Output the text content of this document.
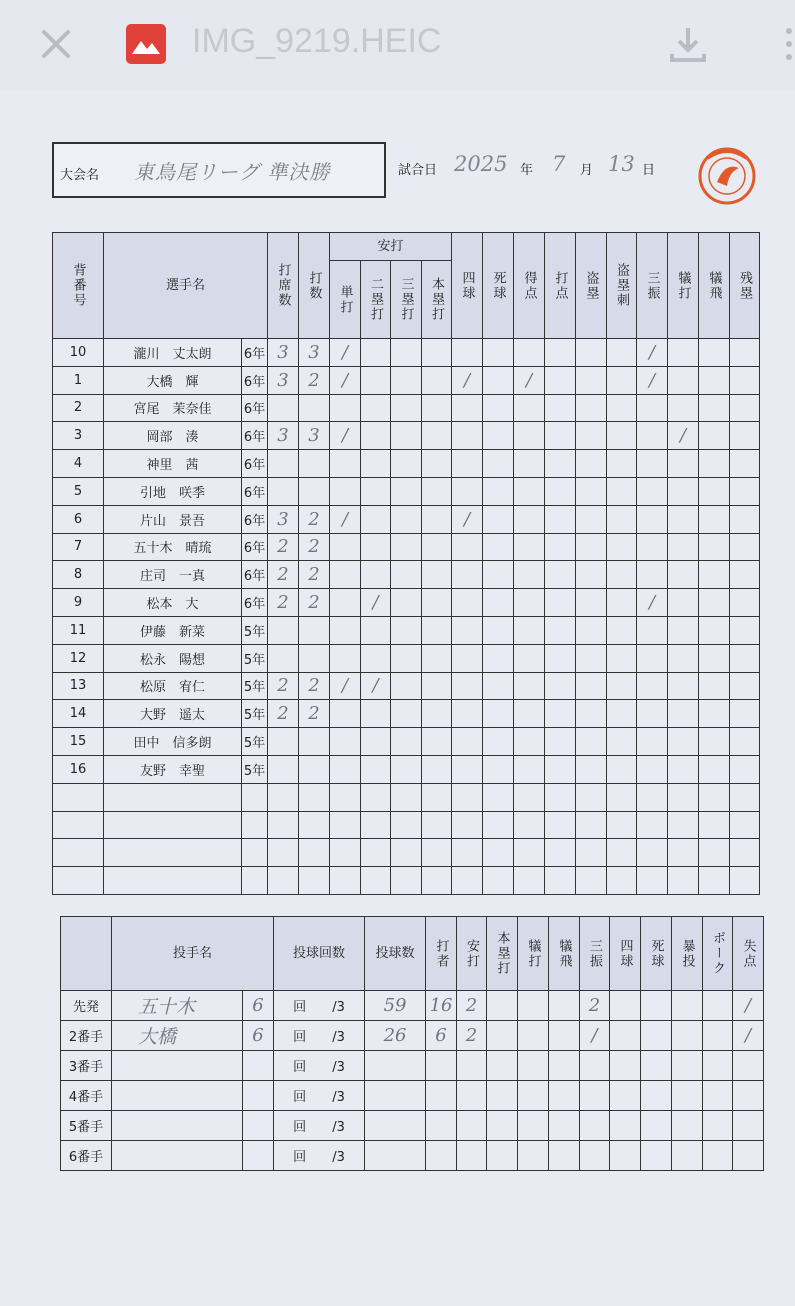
IMG_9219.HEIC
大会名 東鳥尾リーグ 準決勝	試合日 2025 年 7 月 13 日
背番号	選手名		打席数	打数	安打				四球	死球	得点	打点	盗塁	盗塁刺	三振	犠打	犠飛	残塁

					単打	二塁打	三塁打	本塁打										

10	瀧川　丈太朗	6年	3	3	/										/			
1	大橋　輝	6年	3	2	/				/		/				/			
2	宮尾　茉奈佳	6年																
3	岡部　湊	6年	3	3	/											/		
4	神里　茜	6年																
5	引地　咲季	6年																
6	片山　景吾	6年	3	2	/				/									
7	五十木　晴琉	6年	2	2														
8	庄司　一真	6年	2	2														
9	松本　大	6年	2	2		/									/			
11	伊藤　新菜	5年																
12	松永　陽想	5年																
13	松原　宥仁	5年	2	2	/	/												
14	大野　遥太	5年	2	2														
15	田中　信多朗	5年																
16	友野　幸聖	5年																

	投手名		投球回数	投球数	打者	安打	本塁打	犠打	犠飛	三振	四球	死球	暴投	ボーク	失点

先発	五十木	6	回 /3	59	16	2				2					/
2番手	大橋	6	回 /3	26	6	2				/					/
3番手			回 /3												
4番手			回 /3												
5番手			回 /3												
6番手			回 /3												
